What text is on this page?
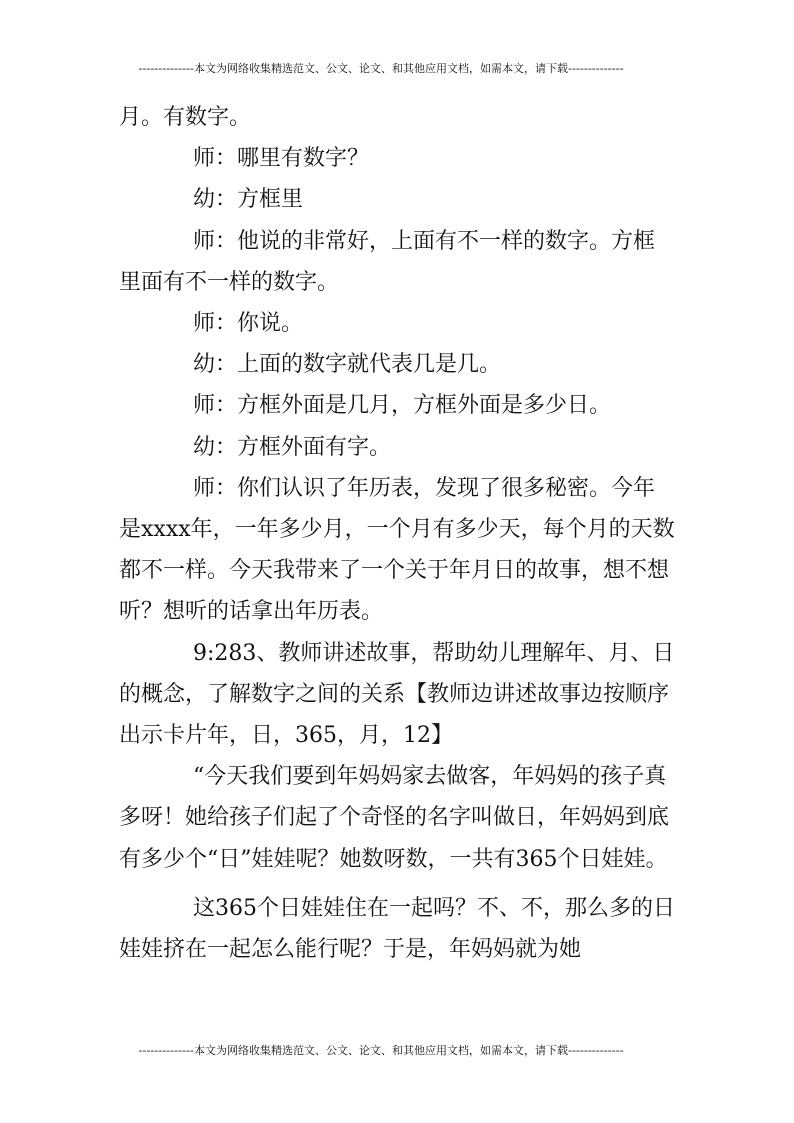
--------------本文为网络收集精选范文、公文、论文、和其他应用文档，如需本文，请下载--------------

月。有数字。

师：哪里有数字？

幼：方框里

师：他说的非常好，上面有不一样的数字。方框里面有不一样的数字。

师：你说。

幼：上面的数字就代表几是几。

师：方框外面是几月，方框外面是多少日。

幼：方框外面有字。

师：你们认识了年历表，发现了很多秘密。今年是xxxx年，一年多少月，一个月有多少天，每个月的天数都不一样。今天我带来了一个关于年月日的故事，想不想听？想听的话拿出年历表。

9:283、教师讲述故事，帮助幼儿理解年、月、日的概念，了解数字之间的关系【教师边讲述故事边按顺序出示卡片年，日，365，月，12】

“今天我们要到年妈妈家去做客，年妈妈的孩子真多呀！她给孩子们起了个奇怪的名字叫做日，年妈妈到底有多少个“日”娃娃呢？她数呀数，一共有365个日娃娃。

这365个日娃娃住在一起吗？不、不，那么多的日娃娃挤在一起怎么能行呢？于是，年妈妈就为她

--------------本文为网络收集精选范文、公文、论文、和其他应用文档，如需本文，请下载--------------
